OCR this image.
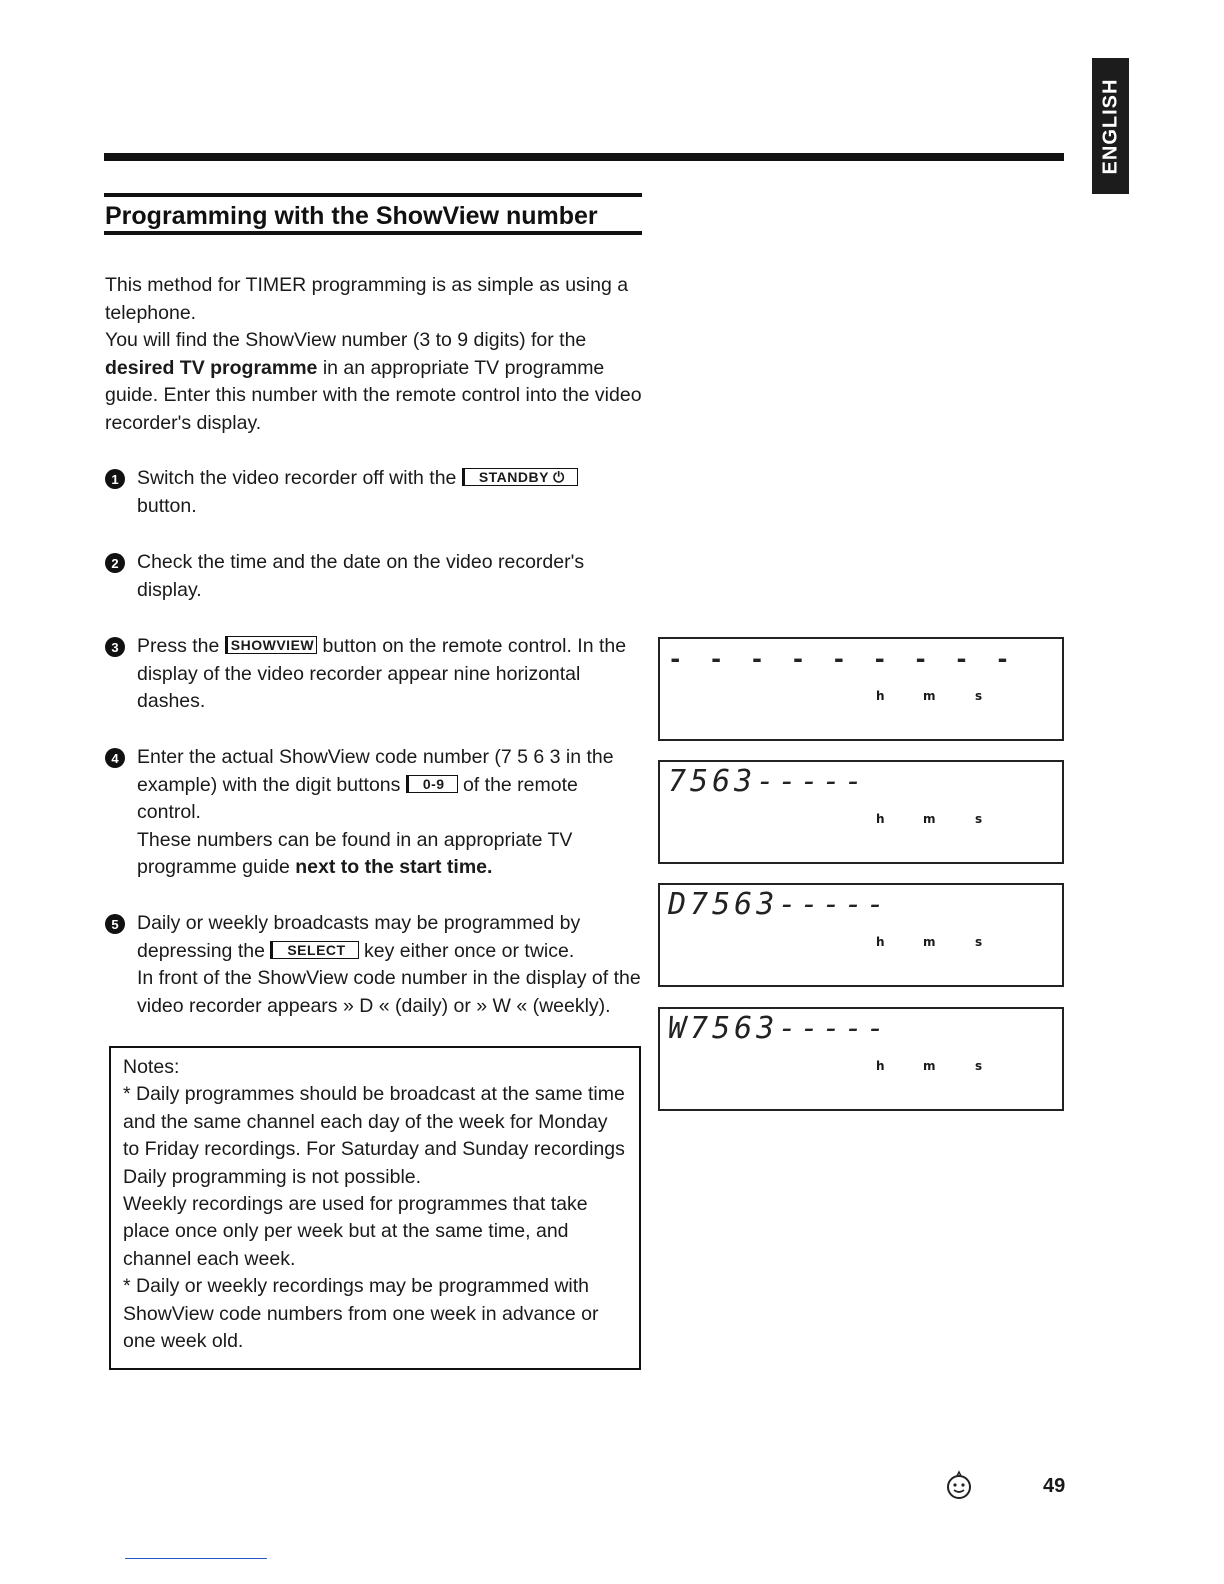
ENGLISH
Programming with the ShowView number
This method for TIMER programming is as simple as using a telephone.
You will find the ShowView number (3 to 9 digits) for the desired TV programme in an appropriate TV programme guide. Enter this number with the remote control into the video recorder's display.
1 Switch the video recorder off with the STANDBY ⏻
button.
2 Check the time and the date on the video recorder's display.
3 Press the SHOWVIEW button on the remote control. In the display of the video recorder appear nine horizontal dashes.
4 Enter the actual ShowView code number (7 5 6 3 in the example) with the digit buttons 0-9 of the remote control.
These numbers can be found in an appropriate TV programme guide next to the start time.
5 Daily or weekly broadcasts may be programmed by depressing the SELECT key either once or twice.
In front of the ShowView code number in the display of the video recorder appears » D « (daily) or » W « (weekly).
Notes:
* Daily programmes should be broadcast at the same time and the same channel each day of the week for Monday to Friday recordings. For Saturday and Sunday recordings Daily programming is not possible.
Weekly recordings are used for programmes that take place once only per week but at the same time, and channel each week.
* Daily or weekly recordings may be programmed with ShowView code numbers from one week in advance or one week old.
- - - - - - - - -
h	m	s
7563-----
h	m	s
D7563-----
h	m	s
W7563-----
h	m	s
49
